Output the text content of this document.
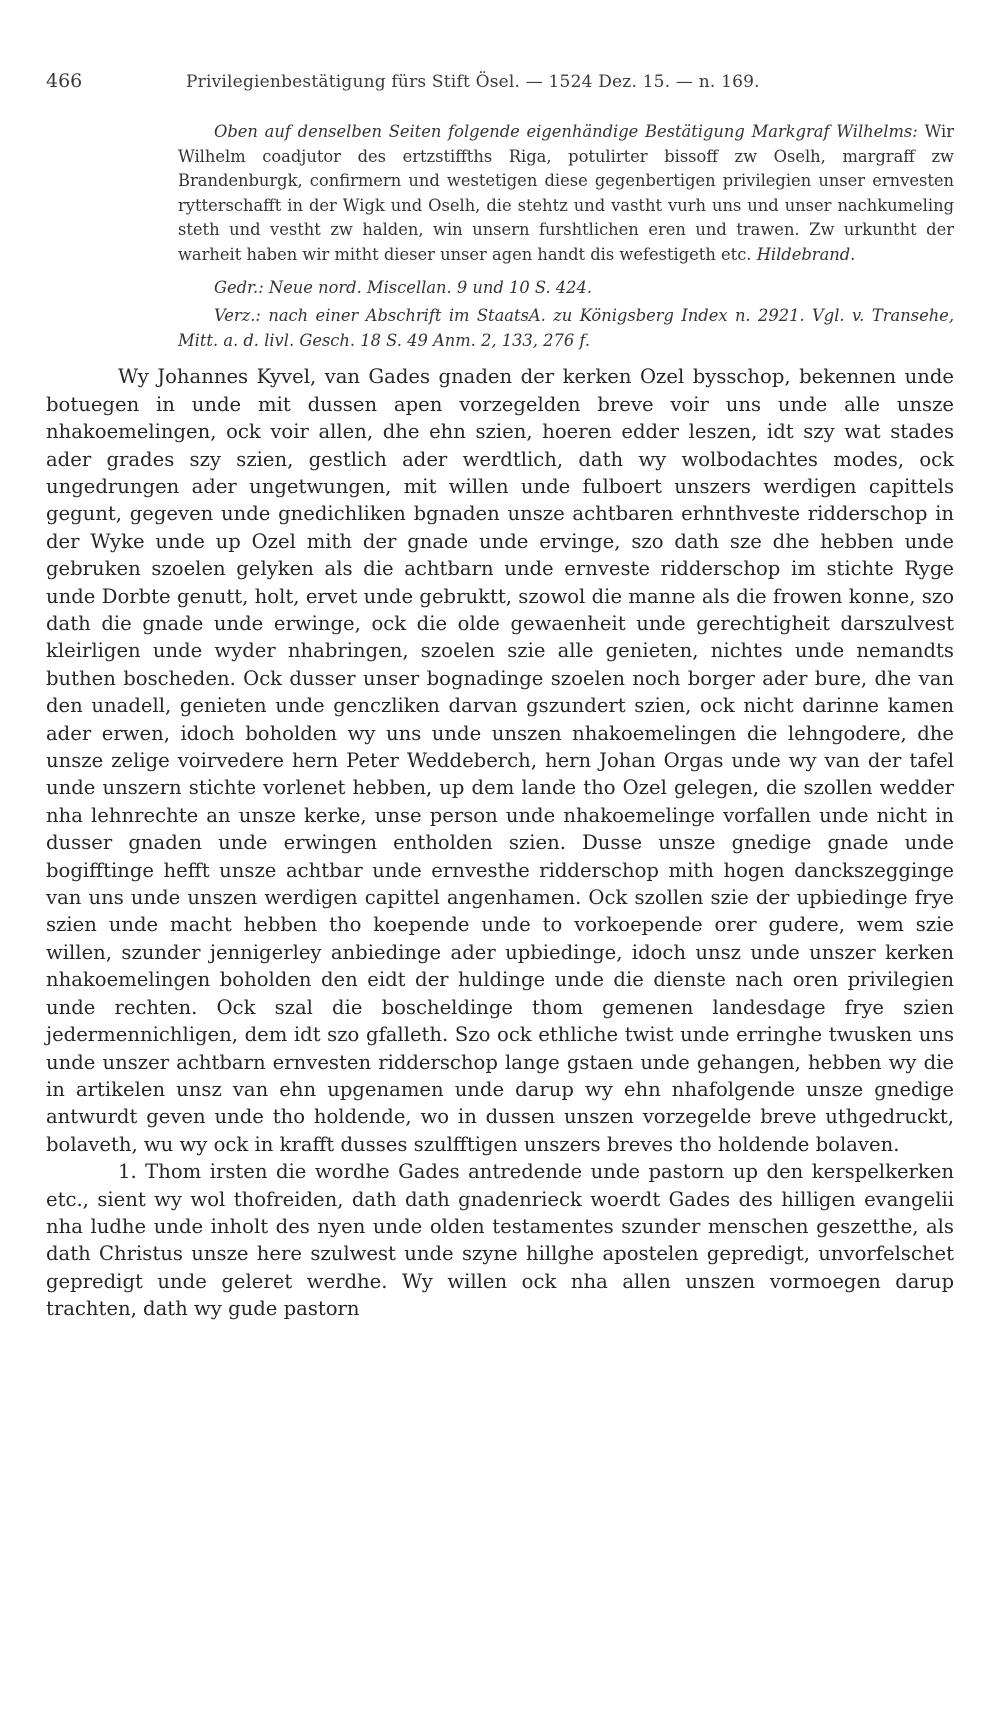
466	Privilegienbestätigung fürs Stift Ösel. — 1524 Dez. 15. — n. 169.

Oben auf denselben Seiten folgende eigenhändige Bestätigung Markgraf Wilhelms: Wir Wilhelm coadjutor des ertzstiffths Riga, potulirter bissoff zw Oselh, margraff zw Brandenburgk, confirmern und westetigen diese gegenbertigen privilegien unser ernvesten rytterschafft in der Wigk und Oselh, die stehtz und vastht vurh uns und unser nachkumeling steth und vestht zw halden, win unsern furshtlichen eren und trawen. Zw urkuntht der warheit haben wir mitht dieser unser agen handt dis wefestigeth etc. Hildebrand.

Gedr.: Neue nord. Miscellan. 9 und 10 S. 424.

Verz.: nach einer Abschrift im StaatsA. zu Königsberg Index n. 2921. Vgl. v. Transehe, Mitt. a. d. livl. Gesch. 18 S. 49 Anm. 2, 133, 276 f.

Wy Johannes Kyvel, van Gades gnaden der kerken Ozel bysschop, bekennen unde botuegen in unde mit dussen apen vorzegelden breve voir uns unde alle unsze nhakoemelingen, ock voir allen, dhe ehn szien, hoeren edder leszen, idt szy wat stades ader grades szy szien, gestlich ader werdtlich, dath wy wolbodachtes modes, ock ungedrungen ader ungetwungen, mit willen unde fulboert unszers werdigen capittels gegunt, gegeven unde gnedichliken bgnaden unsze achtbaren erhnthveste ridderschop in der Wyke unde up Ozel mith der gnade unde ervinge, szo dath sze dhe hebben unde gebruken szoelen gelyken als die achtbarn unde ernveste ridderschop im stichte Ryge unde Dorbte genutt, holt, ervet unde gebruktt, szowol die manne als die frowen konne, szo dath die gnade unde erwinge, ock die olde gewaenheit unde gerechtigheit darszulvest kleirligen unde wyder nhabringen, szoelen szie alle genieten, nichtes unde nemandts buthen boscheden. Ock dusser unser bognadinge szoelen noch borger ader bure, dhe van den unadell, genieten unde genczliken darvan gszundert szien, ock nicht darinne kamen ader erwen, idoch boholden wy uns unde unszen nhakoemelingen die lehngodere, dhe unsze zelige voirvedere hern Peter Weddeberch, hern Johan Orgas unde wy van der tafel unde unszern stichte vorlenet hebben, up dem lande tho Ozel gelegen, die szollen wedder nha lehnrechte an unsze kerke, unse person unde nhakoemelinge vorfallen unde nicht in dusser gnaden unde erwingen entholden szien. Dusse unsze gnedige gnade unde bogifftinge hefft unsze achtbar unde ernvesthe ridderschop mith hogen danckszegginge van uns unde unszen werdigen capittel angenhamen. Ock szollen szie der upbiedinge frye szien unde macht hebben tho koepende unde to vorkoepende orer gudere, wem szie willen, szunder jennigerley anbiedinge ader upbiedinge, idoch unsz unde unszer kerken nhakoemelingen boholden den eidt der huldinge unde die dienste nach oren privilegien unde rechten. Ock szal die boscheldinge thom gemenen landesdage frye szien jedermennichligen, dem idt szo gfalleth. Szo ock ethliche twist unde erringhe twusken uns unde unszer achtbarn ernvesten ridderschop lange gstaen unde gehangen, hebben wy die in artikelen unsz van ehn upgenamen unde darup wy ehn nhafolgende unsze gnedige antwurdt geven unde tho holdende, wo in dussen unszen vorzegelde breve uthgedruckt, bolaveth, wu wy ock in krafft dusses szulfftigen unszers breves tho holdende bolaven.

1. Thom irsten die wordhe Gades antredende unde pastorn up den kerspelkerken etc., sient wy wol thofreiden, dath dath gnadenrieck woerdt Gades des hilligen evangelii nha ludhe unde inholt des nyen unde olden testamentes szunder menschen geszetthe, als dath Christus unsze here szulwest unde szyne hillghe apostelen gepredigt, unvorfelschet gepredigt unde geleret werdhe. Wy willen ock nha allen unszen vormoegen darup trachten, dath wy gude pastorn
